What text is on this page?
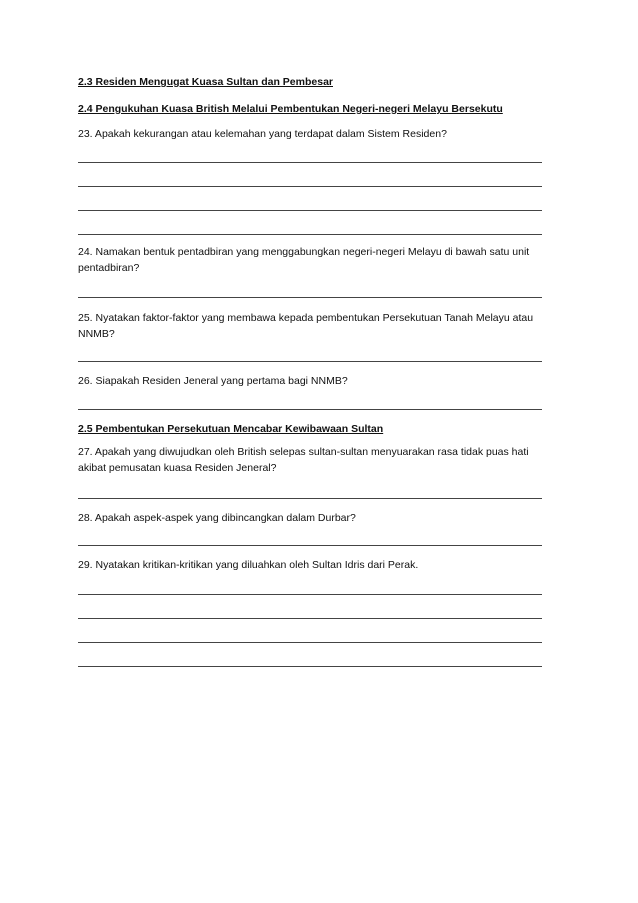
2.3 Residen Mengugat Kuasa Sultan dan Pembesar

2.4 Pengukuhan Kuasa British Melalui Pembentukan Negeri-negeri Melayu Bersekutu

23. Apakah kekurangan atau kelemahan yang terdapat dalam Sistem Residen?

24. Namakan bentuk pentadbiran yang menggabungkan negeri-negeri Melayu di bawah satu unit pentadbiran?

25. Nyatakan faktor-faktor yang membawa kepada pembentukan Persekutuan Tanah Melayu atau NNMB?

26. Siapakah Residen Jeneral yang pertama bagi NNMB?

2.5 Pembentukan Persekutuan Mencabar Kewibawaan Sultan

27. Apakah yang diwujudkan oleh British selepas sultan-sultan menyuarakan rasa tidak puas hati akibat pemusatan kuasa Residen Jeneral?

28. Apakah aspek-aspek yang dibincangkan dalam Durbar?

29. Nyatakan kritikan-kritikan yang diluahkan oleh Sultan Idris dari Perak.
